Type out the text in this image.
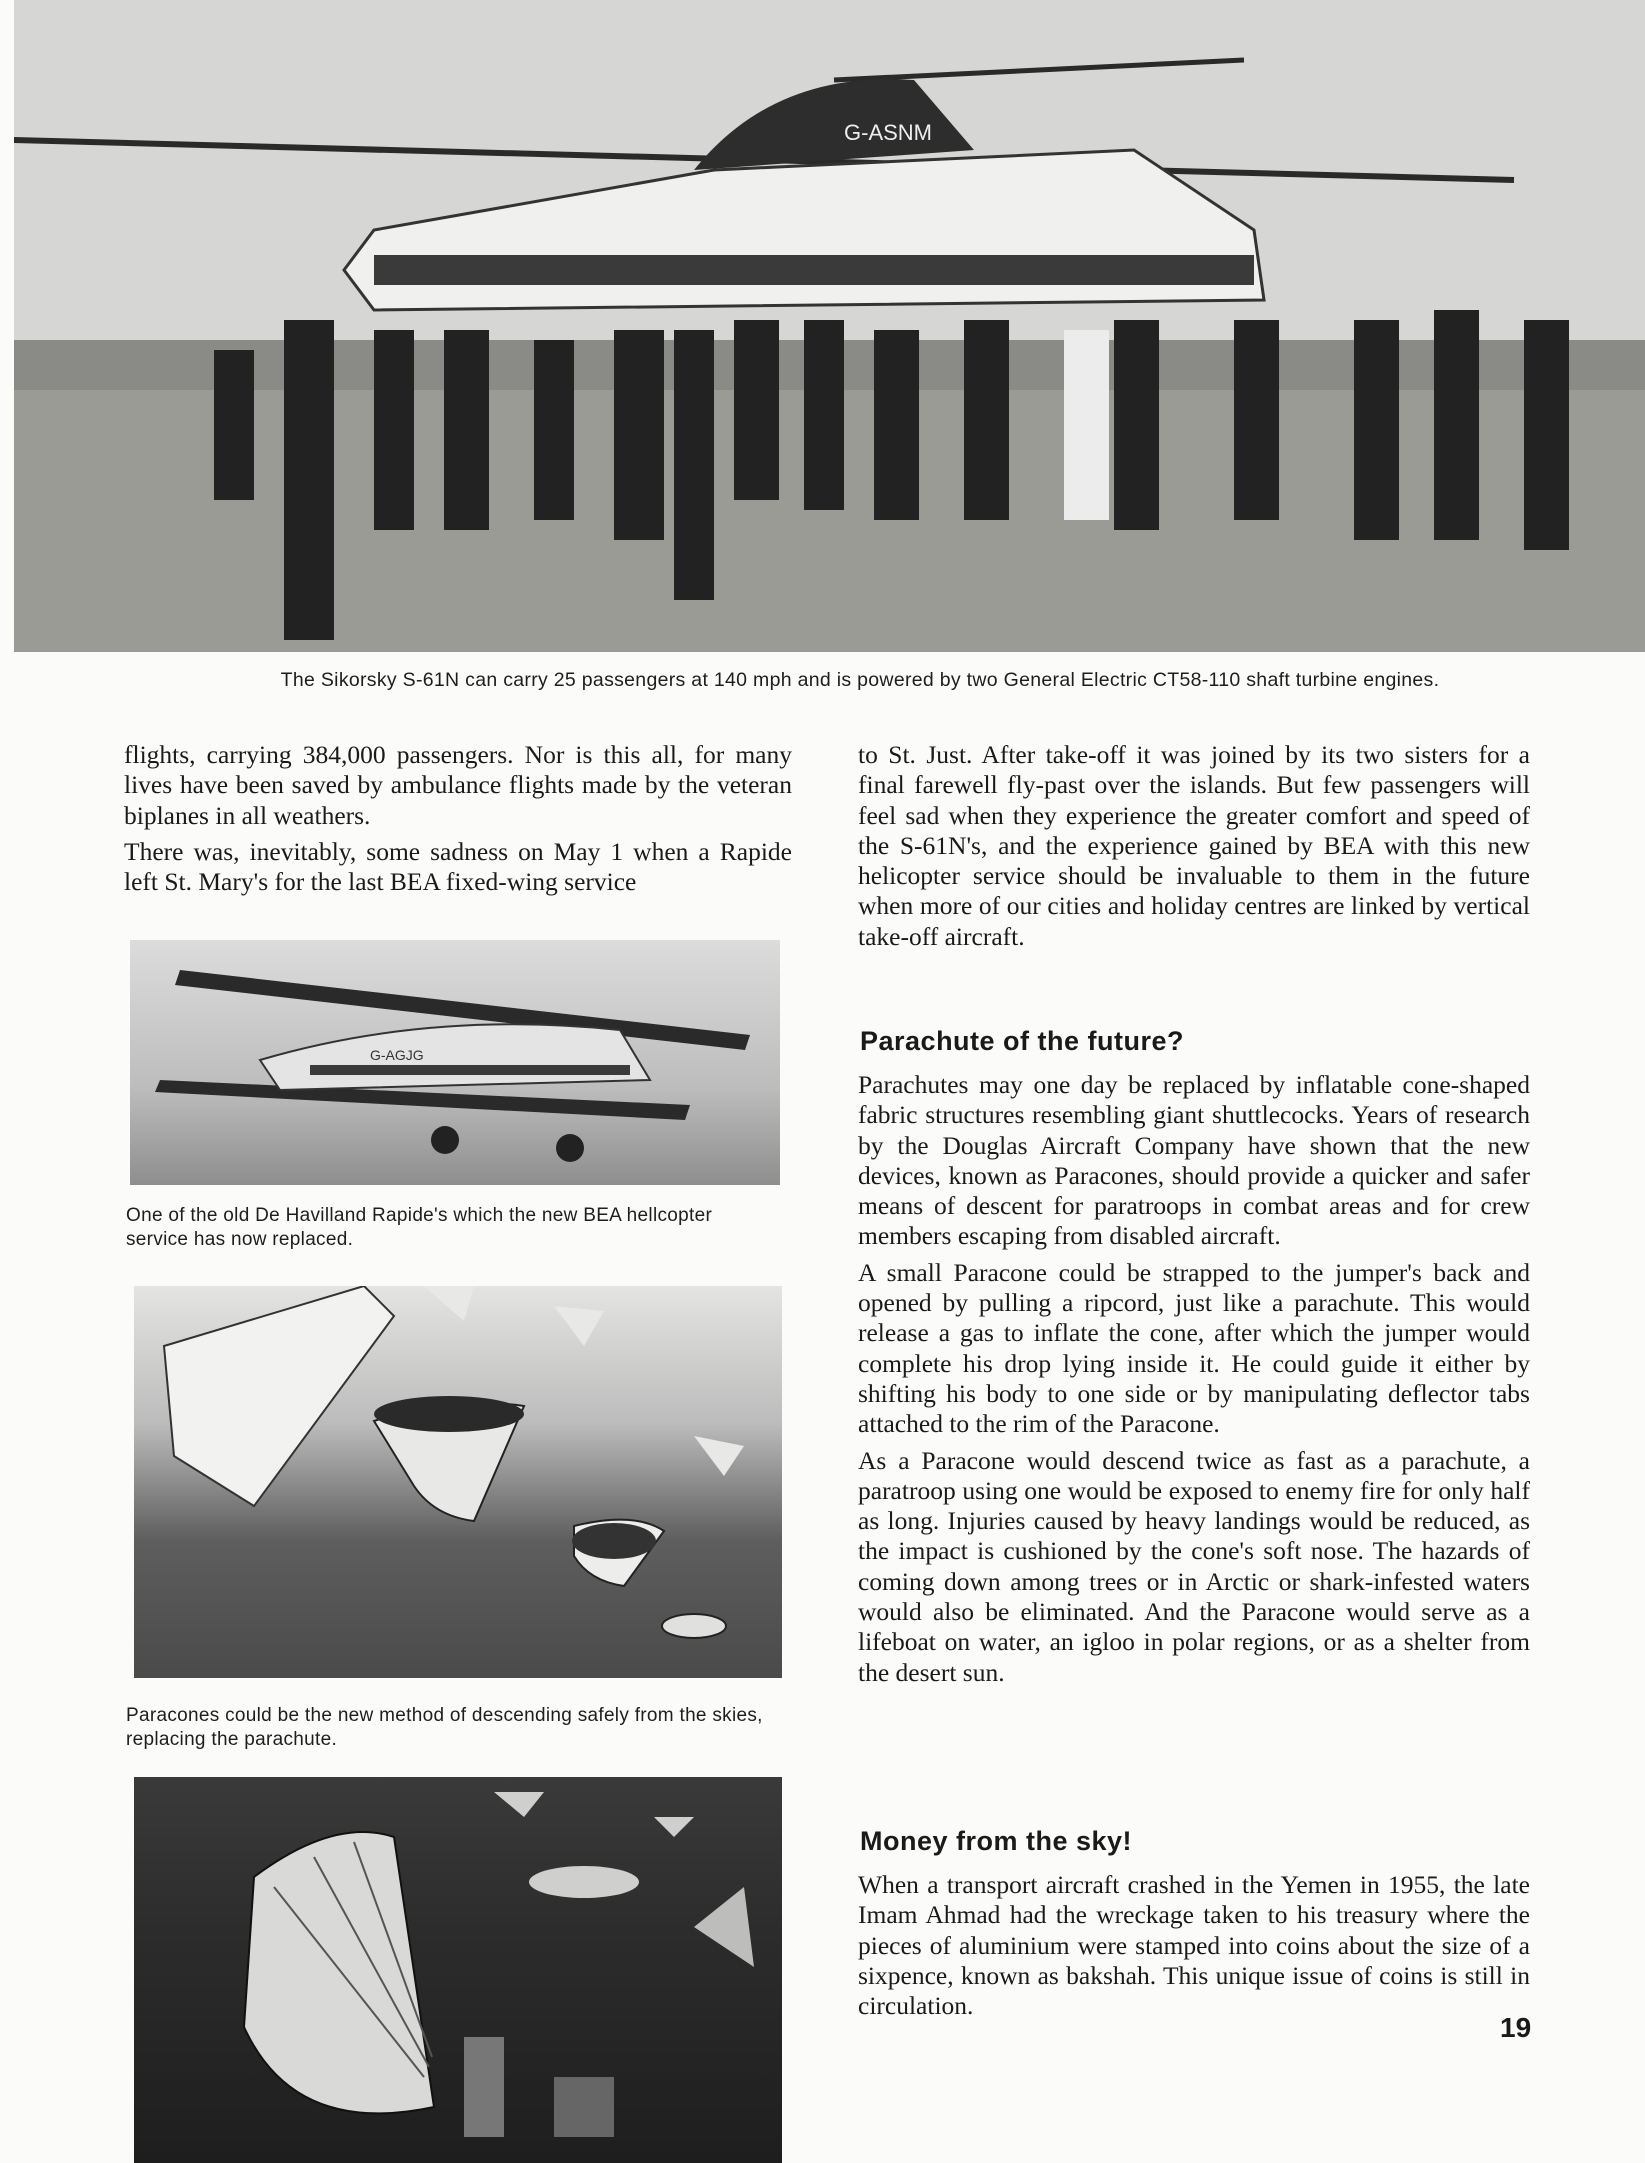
G-ASNM
The Sikorsky S-61N can carry 25 passengers at 140 mph and is powered by two General Electric CT58-110 shaft turbine engines.

flights, carrying 384,000 passengers. Nor is this all, for many lives have been saved by ambulance flights made by the veteran biplanes in all weathers.

There was, inevitably, some sadness on May 1 when a Rapide left St. Mary's for the last BEA fixed-wing service

G-AGJG
One of the old De Havilland Rapide's which the new BEA hellcopter service has now replaced.
Paracones could be the new method of descending safely from the skies, replacing the parachute.

to St. Just. After take-off it was joined by its two sisters for a final farewell fly-past over the islands. But few passengers will feel sad when they experience the greater comfort and speed of the S-61N's, and the experience gained by BEA with this new helicopter service should be invaluable to them in the future when more of our cities and holiday centres are linked by vertical take-off aircraft.

Parachute of the future?

Parachutes may one day be replaced by inflatable cone-shaped fabric structures resembling giant shuttlecocks. Years of research by the Douglas Aircraft Company have shown that the new devices, known as Paracones, should provide a quicker and safer means of descent for paratroops in combat areas and for crew members escaping from disabled aircraft.

A small Paracone could be strapped to the jumper's back and opened by pulling a ripcord, just like a parachute. This would release a gas to inflate the cone, after which the jumper would complete his drop lying inside it. He could guide it either by shifting his body to one side or by manipulating deflector tabs attached to the rim of the Paracone.

As a Paracone would descend twice as fast as a parachute, a paratroop using one would be exposed to enemy fire for only half as long. Injuries caused by heavy landings would be reduced, as the impact is cushioned by the cone's soft nose. The hazards of coming down among trees or in Arctic or shark-infested waters would also be eliminated. And the Paracone would serve as a lifeboat on water, an igloo in polar regions, or as a shelter from the desert sun.

Money from the sky!

When a transport aircraft crashed in the Yemen in 1955, the late Imam Ahmad had the wreckage taken to his treasury where the pieces of aluminium were stamped into coins about the size of a sixpence, known as bakshah. This unique issue of coins is still in circulation.

19
